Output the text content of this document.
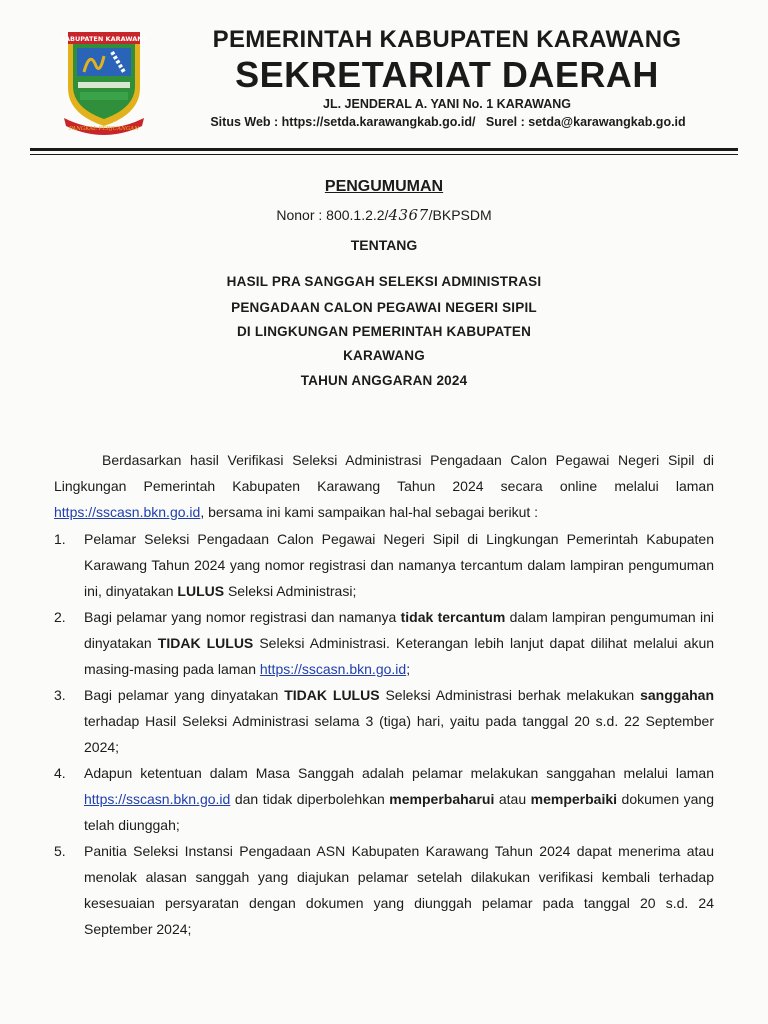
KABUPATEN KARAWANG
PANGKAL PERJUANGAN
PEMERINTAH KABUPATEN KARAWANG
SEKRETARIAT DAERAH
JL. JENDERAL A. YANI No. 1 KARAWANG
Situs Web : https://setda.karawangkab.go.id/ Surel : setda@karawangkab.go.id
PENGUMUMAN
Nonor : 800.1.2.2/4367/BKPSDM
TENTANG
HASIL PRA SANGGAH SELEKSI ADMINISTRASI
PENGADAAN CALON PEGAWAI NEGERI SIPIL
DI LINGKUNGAN PEMERINTAH KABUPATEN
KARAWANG
TAHUN ANGGARAN 2024
Berdasarkan hasil Verifikasi Seleksi Administrasi Pengadaan Calon Pegawai Negeri Sipil di Lingkungan Pemerintah Kabupaten Karawang Tahun 2024 secara online melalui laman https://sscasn.bkn.go.id, bersama ini kami sampaikan hal-hal sebagai berikut :
1. Pelamar Seleksi Pengadaan Calon Pegawai Negeri Sipil di Lingkungan Pemerintah Kabupaten Karawang Tahun 2024 yang nomor registrasi dan namanya tercantum dalam lampiran pengumuman ini, dinyatakan LULUS Seleksi Administrasi;
2. Bagi pelamar yang nomor registrasi dan namanya tidak tercantum dalam lampiran pengumuman ini dinyatakan TIDAK LULUS Seleksi Administrasi. Keterangan lebih lanjut dapat dilihat melalui akun masing-masing pada laman https://sscasn.bkn.go.id;
3. Bagi pelamar yang dinyatakan TIDAK LULUS Seleksi Administrasi berhak melakukan sanggahan terhadap Hasil Seleksi Administrasi selama 3 (tiga) hari, yaitu pada tanggal 20 s.d. 22 September 2024;
4. Adapun ketentuan dalam Masa Sanggah adalah pelamar melakukan sanggahan melalui laman https://sscasn.bkn.go.id dan tidak diperbolehkan memperbaharui atau memperbaiki dokumen yang telah diunggah;
5. Panitia Seleksi Instansi Pengadaan ASN Kabupaten Karawang Tahun 2024 dapat menerima atau menolak alasan sanggah yang diajukan pelamar setelah dilakukan verifikasi kembali terhadap kesesuaian persyaratan dengan dokumen yang diunggah pelamar pada tanggal 20 s.d. 24 September 2024;
